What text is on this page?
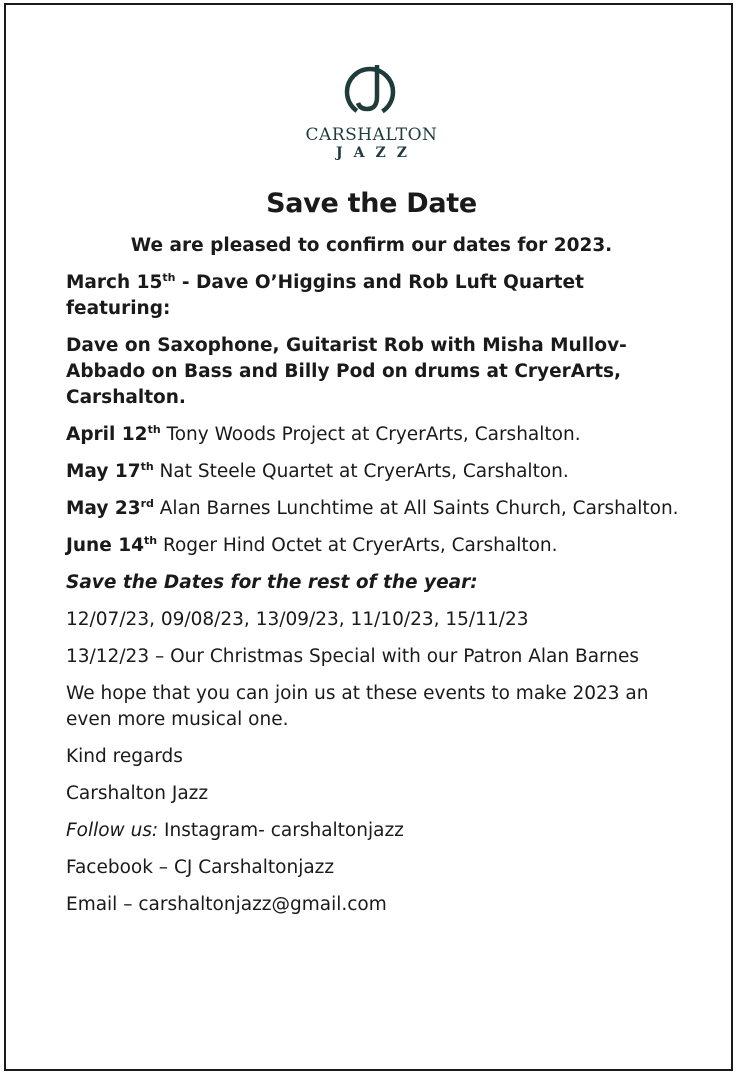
CARSHALTON
JAZZ
Save the Date
We are pleased to confirm our dates for 2023.

March 15th - Dave O’Higgins and Rob Luft Quartet featuring:

Dave on Saxophone, Guitarist Rob with Misha Mullov-Abbado on Bass and Billy Pod on drums at CryerArts, Carshalton.

April 12th Tony Woods Project at CryerArts, Carshalton.

May 17th Nat Steele Quartet at CryerArts, Carshalton.

May 23rd Alan Barnes Lunchtime at All Saints Church, Carshalton.

June 14th Roger Hind Octet at CryerArts, Carshalton.

Save the Dates for the rest of the year:

12/07/23, 09/08/23, 13/09/23, 11/10/23, 15/11/23

13/12/23 – Our Christmas Special with our Patron Alan Barnes

We hope that you can join us at these events to make 2023 an even more musical one.

Kind regards

Carshalton Jazz

Follow us: Instagram- carshaltonjazz

Facebook – CJ Carshaltonjazz

Email – carshaltonjazz@gmail.com
